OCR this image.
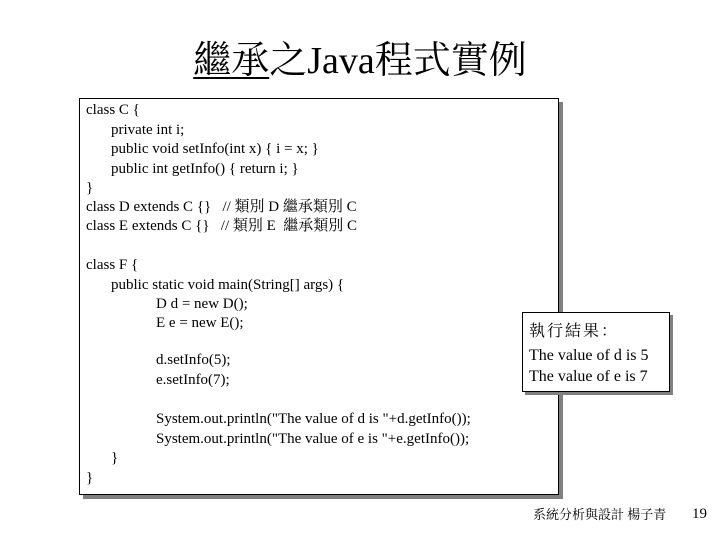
繼承之Java程式實例
class C {
private int i;
public void setInfo(int x) { i = x; }
public int getInfo() { return i; }
}
class D extends C {}   // 類別 D 繼承類別 C
class E extends C {}   // 類別 E  繼承類別 C
class F {
public static void main(String[] args) {
D d = new D();
E e = new E();
d.setInfo(5);
e.setInfo(7);
System.out.println("The value of d is "+d.getInfo());
System.out.println("The value of e is "+e.getInfo());
}
}
執行結果：
The value of d is 5
The value of e is 7
系統分析與設計 楊子青 19
